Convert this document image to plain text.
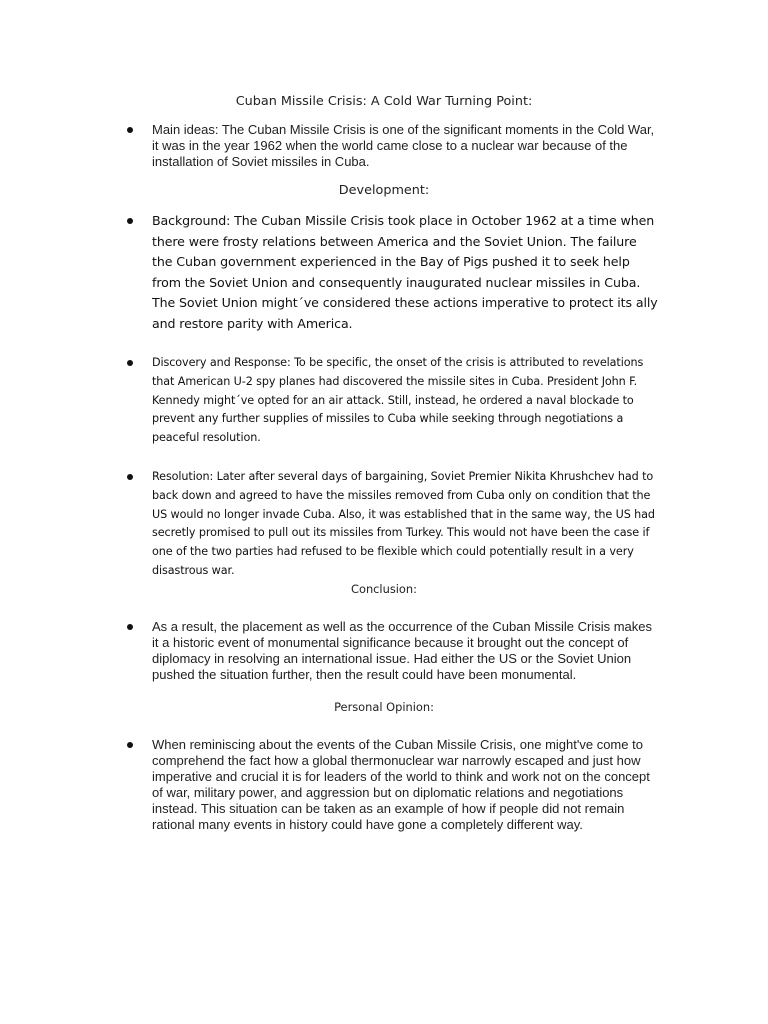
Cuban Missile Crisis: A Cold War Turning Point:

Main ideas: The Cuban Missile Crisis is one of the significant moments in the Cold War, it was in the year 1962 when the world came close to a nuclear war because of the installation of Soviet missiles in Cuba.

Development:

Background: The Cuban Missile Crisis took place in October 1962 at a time when there were frosty relations between America and the Soviet Union. The failure the Cuban government experienced in the Bay of Pigs pushed it to seek help from the Soviet Union and consequently inaugurated nuclear missiles in Cuba. The Soviet Union might´ve considered these actions imperative to protect its ally and restore parity with America.

Discovery and Response: To be specific, the onset of the crisis is attributed to revelations that American U-2 spy planes had discovered the missile sites in Cuba. President John F. Kennedy might´ve opted for an air attack. Still, instead, he ordered a naval blockade to prevent any further supplies of missiles to Cuba while seeking through negotiations a peaceful resolution.

Resolution: Later after several days of bargaining, Soviet Premier Nikita Khrushchev had to back down and agreed to have the missiles removed from Cuba only on condition that the US would no longer invade Cuba. Also, it was established that in the same way, the US had secretly promised to pull out its missiles from Turkey. This would not have been the case if one of the two parties had refused to be flexible which could potentially result in a very disastrous war.

Conclusion:

As a result, the placement as well as the occurrence of the Cuban Missile Crisis makes it a historic event of monumental significance because it brought out the concept of diplomacy in resolving an international issue. Had either the US or the Soviet Union pushed the situation further, then the result could have been monumental.

Personal Opinion:

When reminiscing about the events of the Cuban Missile Crisis, one might've come to comprehend the fact how a global thermonuclear war narrowly escaped and just how imperative and crucial it is for leaders of the world to think and work not on the concept of war, military power, and aggression but on diplomatic relations and negotiations instead. This situation can be taken as an example of how if people did not remain rational many events in history could have gone a completely different way.
